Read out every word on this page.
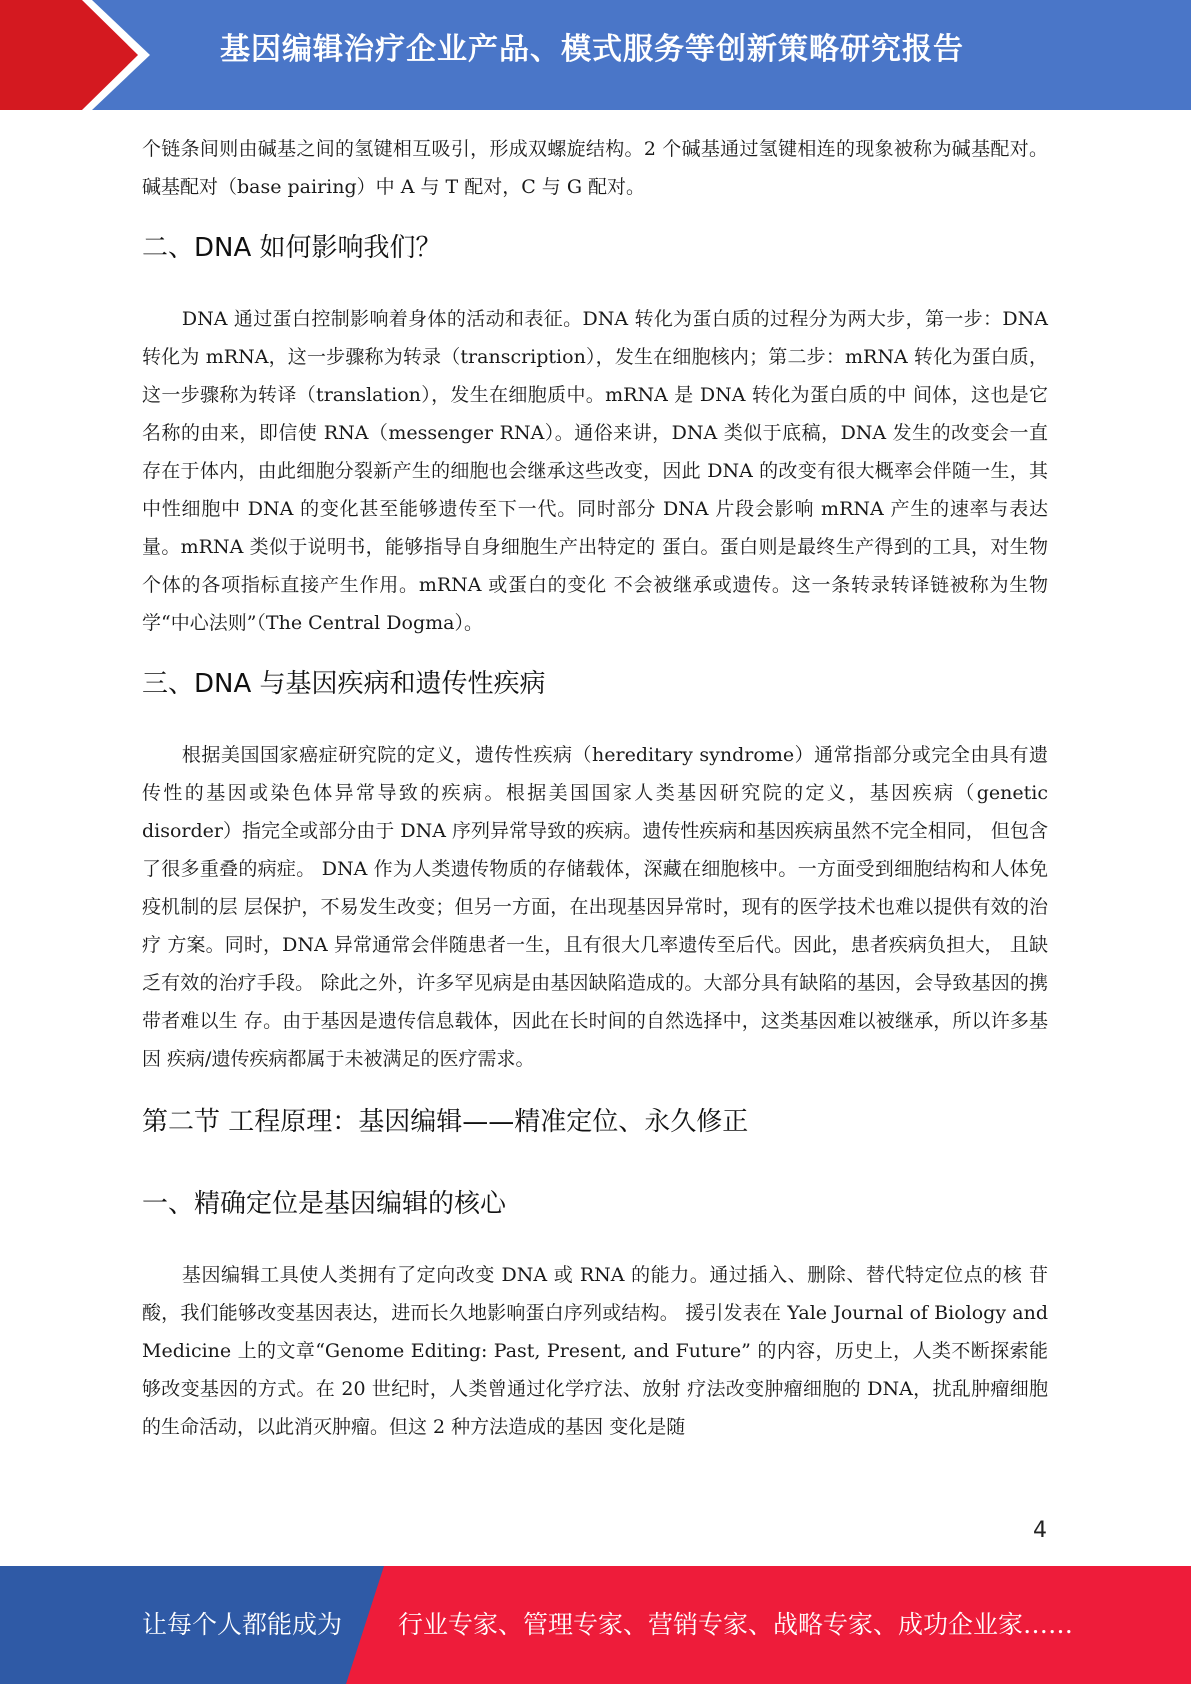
基因编辑治疗企业产品、模式服务等创新策略研究报告

个链条间则由碱基之间的氢键相互吸引，形成双螺旋结构。2 个碱基通过氢键相连的现象被称为碱基配对。碱基配对（base pairing）中 A 与 T 配对，C 与 G 配对。

二、DNA 如何影响我们？

DNA 通过蛋白控制影响着身体的活动和表征。DNA 转化为蛋白质的过程分为两大步，第一步：DNA 转化为 mRNA，这一步骤称为转录（transcription），发生在细胞核内；第二步：mRNA 转化为蛋白质，这一步骤称为转译（translation），发生在细胞质中。mRNA 是 DNA 转化为蛋白质的中 间体，这也是它名称的由来，即信使 RNA（messenger RNA）。通俗来讲，DNA 类似于底稿，DNA 发生的改变会一直存在于体内，由此细胞分裂新产生的细胞也会继承这些改变，因此 DNA 的改变有很大概率会伴随一生，其中性细胞中 DNA 的变化甚至能够遗传至下一代。同时部分 DNA 片段会影响 mRNA 产生的速率与表达量。mRNA 类似于说明书，能够指导自身细胞生产出特定的 蛋白。蛋白则是最终生产得到的工具，对生物个体的各项指标直接产生作用。mRNA 或蛋白的变化 不会被继承或遗传。这一条转录转译链被称为生物学“中心法则”（The Central Dogma）。

三、DNA 与基因疾病和遗传性疾病

根据美国国家癌症研究院的定义，遗传性疾病（hereditary syndrome）通常指部分或完全由具有遗 传性的基因或染色体异常导致的疾病。根据美国国家人类基因研究院的定义，基因疾病（genetic disorder）指完全或部分由于 DNA 序列异常导致的疾病。遗传性疾病和基因疾病虽然不完全相同， 但包含了很多重叠的病症。 DNA 作为人类遗传物质的存储载体，深藏在细胞核中。一方面受到细胞结构和人体免疫机制的层 层保护，不易发生改变；但另一方面，在出现基因异常时，现有的医学技术也难以提供有效的治疗 方案。同时，DNA 异常通常会伴随患者一生，且有很大几率遗传至后代。因此，患者疾病负担大， 且缺乏有效的治疗手段。 除此之外，许多罕见病是由基因缺陷造成的。大部分具有缺陷的基因，会导致基因的携带者难以生 存。由于基因是遗传信息载体，因此在长时间的自然选择中，这类基因难以被继承，所以许多基因 疾病/遗传疾病都属于未被满足的医疗需求。

第二节 工程原理：基因编辑——精准定位、永久修正
一、精确定位是基因编辑的核心

基因编辑工具使人类拥有了定向改变 DNA 或 RNA 的能力。通过插入、删除、替代特定位点的核 苷酸，我们能够改变基因表达，进而长久地影响蛋白序列或结构。 援引发表在 Yale Journal of Biology and Medicine 上的文章“Genome Editing: Past, Present, and Future” 的内容，历史上，人类不断探索能够改变基因的方式。在 20 世纪时，人类曾通过化学疗法、放射 疗法改变肿瘤细胞的 DNA，扰乱肿瘤细胞的生命活动，以此消灭肿瘤。但这 2 种方法造成的基因 变化是随

4
让每个人都能成为 行业专家、管理专家、营销专家、战略专家、成功企业家……
